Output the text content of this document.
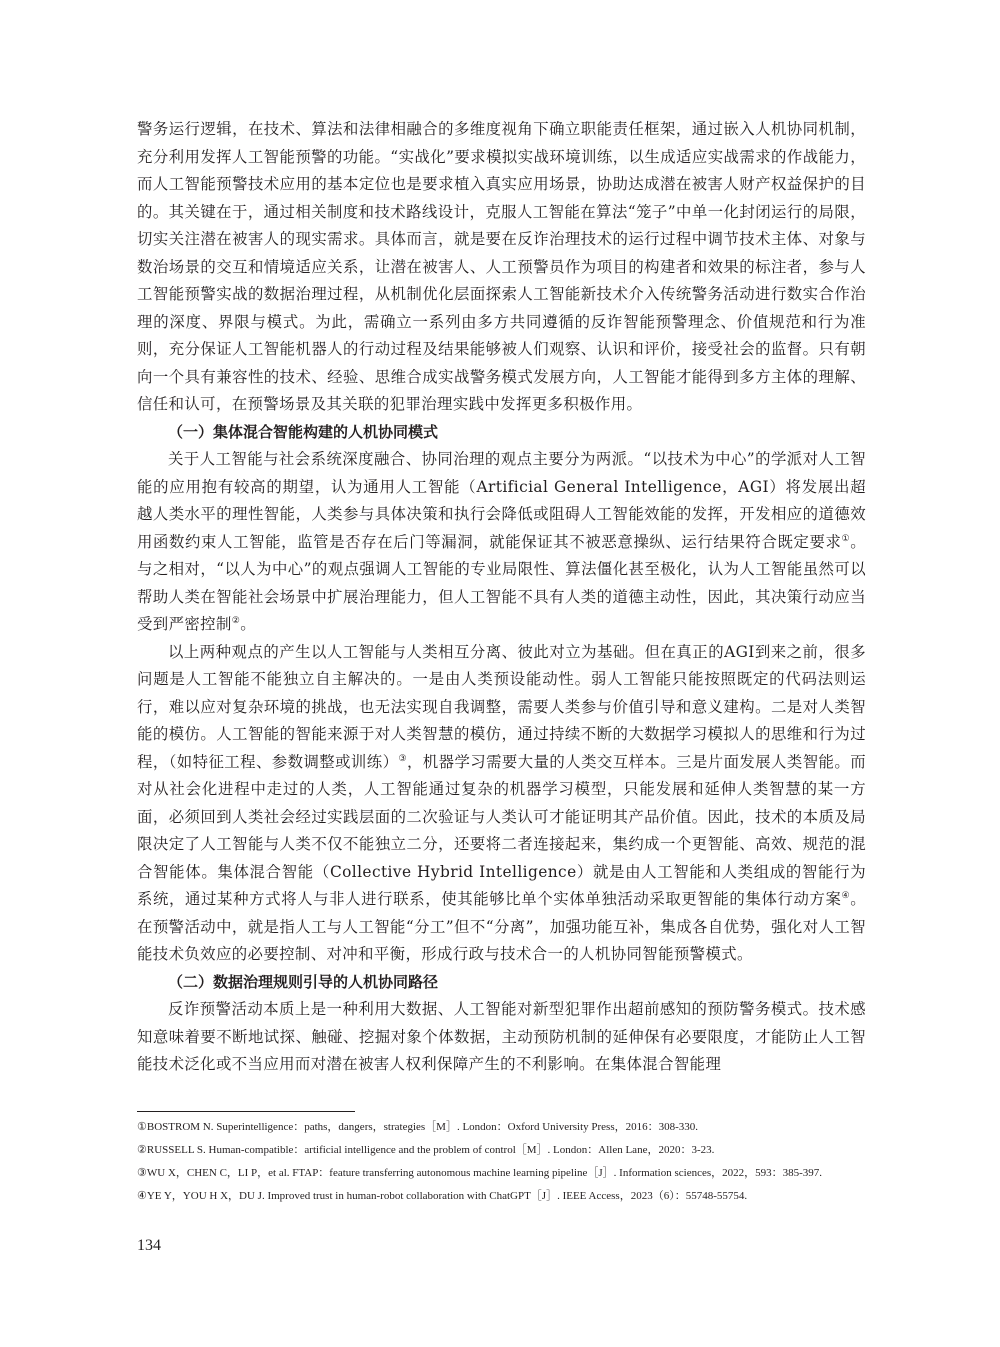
警务运行逻辑，在技术、算法和法律相融合的多维度视角下确立职能责任框架，通过嵌入人机协同机制，充分利用发挥人工智能预警的功能。“实战化”要求模拟实战环境训练，以生成适应实战需求的作战能力，而人工智能预警技术应用的基本定位也是要求植入真实应用场景，协助达成潜在被害人财产权益保护的目的。其关键在于，通过相关制度和技术路线设计，克服人工智能在算法“笼子”中单一化封闭运行的局限，切实关注潜在被害人的现实需求。具体而言，就是要在反诈治理技术的运行过程中调节技术主体、对象与数治场景的交互和情境适应关系，让潜在被害人、人工预警员作为项目的构建者和效果的标注者，参与人工智能预警实战的数据治理过程，从机制优化层面探索人工智能新技术介入传统警务活动进行数实合作治理的深度、界限与模式。为此，需确立一系列由多方共同遵循的反诈智能预警理念、价值规范和行为准则，充分保证人工智能机器人的行动过程及结果能够被人们观察、认识和评价，接受社会的监督。只有朝向一个具有兼容性的技术、经验、思维合成实战警务模式发展方向，人工智能才能得到多方主体的理解、信任和认可，在预警场景及其关联的犯罪治理实践中发挥更多积极作用。

（一）集体混合智能构建的人机协同模式

关于人工智能与社会系统深度融合、协同治理的观点主要分为两派。“以技术为中心”的学派对人工智能的应用抱有较高的期望，认为通用人工智能（Artificial General Intelligence，AGI）将发展出超越人类水平的理性智能，人类参与具体决策和执行会降低或阻碍人工智能效能的发挥，开发相应的道德效用函数约束人工智能，监管是否存在后门等漏洞，就能保证其不被恶意操纵、运行结果符合既定要求①。与之相对，“以人为中心”的观点强调人工智能的专业局限性、算法僵化甚至极化，认为人工智能虽然可以帮助人类在智能社会场景中扩展治理能力，但人工智能不具有人类的道德主动性，因此，其决策行动应当受到严密控制②。

以上两种观点的产生以人工智能与人类相互分离、彼此对立为基础。但在真正的AGI到来之前，很多问题是人工智能不能独立自主解决的。一是由人类预设能动性。弱人工智能只能按照既定的代码法则运行，难以应对复杂环境的挑战，也无法实现自我调整，需要人类参与价值引导和意义建构。二是对人类智能的模仿。人工智能的智能来源于对人类智慧的模仿，通过持续不断的大数据学习模拟人的思维和行为过程，（如特征工程、参数调整或训练）③，机器学习需要大量的人类交互样本。三是片面发展人类智能。而对从社会化进程中走过的人类，人工智能通过复杂的机器学习模型，只能发展和延伸人类智慧的某一方面，必须回到人类社会经过实践层面的二次验证与人类认可才能证明其产品价值。因此，技术的本质及局限决定了人工智能与人类不仅不能独立二分，还要将二者连接起来，集约成一个更智能、高效、规范的混合智能体。集体混合智能（Collective Hybrid Intelligence）就是由人工智能和人类组成的智能行为系统，通过某种方式将人与非人进行联系，使其能够比单个实体单独活动采取更智能的集体行动方案④。在预警活动中，就是指人工与人工智能“分工”但不“分离”，加强功能互补，集成各自优势，强化对人工智能技术负效应的必要控制、对冲和平衡，形成行政与技术合一的人机协同智能预警模式。

（二）数据治理规则引导的人机协同路径

反诈预警活动本质上是一种利用大数据、人工智能对新型犯罪作出超前感知的预防警务模式。技术感知意味着要不断地试探、触碰、挖掘对象个体数据，主动预防机制的延伸保有必要限度，才能防止人工智能技术泛化或不当应用而对潜在被害人权利保障产生的不利影响。在集体混合智能理

①BOSTROM N. Superintelligence：paths，dangers，strategies［M］. London：Oxford University Press，2016：308-330.

②RUSSELL S. Human-compatible：artificial intelligence and the problem of control［M］. London：Allen Lane，2020：3-23.

③WU X，CHEN C，LI P，et al. FTAP：feature transferring autonomous machine learning pipeline［J］. Information sciences，2022，593：385-397.

④YE Y，YOU H X，DU J. Improved trust in human-robot collaboration with ChatGPT［J］. IEEE Access，2023（6）：55748-55754.

134
